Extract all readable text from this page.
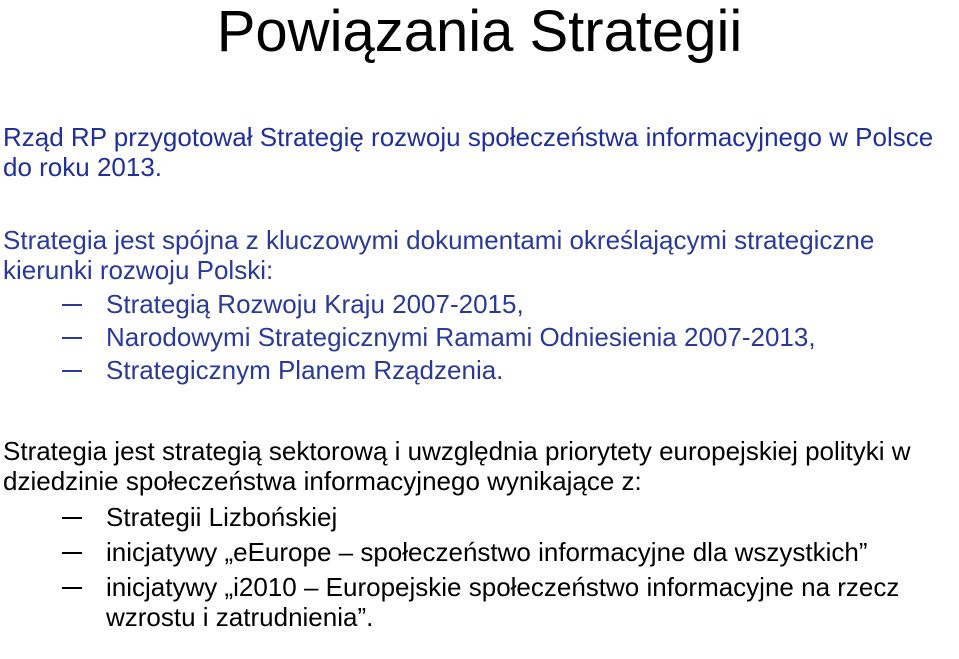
Powiązania Strategii

Rząd RP przygotował Strategię rozwoju społeczeństwa informacyjnego w Polsce do roku 2013.

Strategia jest spójna z kluczowymi dokumentami określającymi strategiczne kierunki rozwoju Polski:

Strategią Rozwoju Kraju 2007-2015,
Narodowymi Strategicznymi Ramami Odniesienia 2007-2013,
Strategicznym Planem Rządzenia.

Strategia jest strategią sektorową i uwzględnia priorytety europejskiej polityki w dziedzinie społeczeństwa informacyjnego wynikające z:

Strategii Lizbońskiej
inicjatywy „eEurope – społeczeństwo informacyjne dla wszystkich”
inicjatywy „i2010 – Europejskie społeczeństwo informacyjne na rzecz wzrostu i zatrudnienia”.
